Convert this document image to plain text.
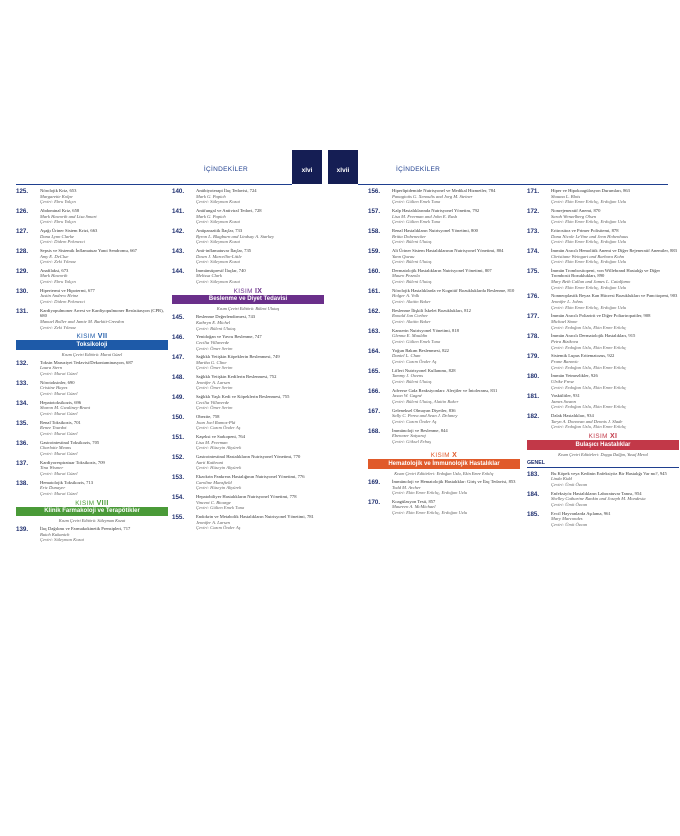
İÇİNDEKİLER	xlvi	xlvii	İÇİNDEKİLER
125.	Nörolojik Kriz, 653
Margarette Kolpe
Çeviri: Ebru Yalçın
126.	Abdominal Kriz, 658
Mark Haworth and Lisa Smart
Çeviri: Ebru Yalçın
127.	Aşağı Üriner Sistem Krizi, 663
Dana Lynn Clarke
Çeviri: Didem Pekmezci
128.	Sepsis ve Sistemik İnflamatuar Yanıt Sendromu, 667
Amy E. DeClue
Çeviri: Zeki Yılmaz
129.	Anafilaksi, 673
Mark Haworth
Çeviri: Ebru Yalçın
130.	Hipertermi ve Hipotermi, 677
Justin Andrew Heinz
Çeviri: Didem Pekmezci
131.	Kardiyopulmoner Arrest ve Kardiyopulmoner Resüsitasyon (CPR), 680
Manuel Boller and Jamie M. Burkitt-Creedon
Çeviri: Zeki Yılmaz
KISIM VII
Toksikoloji
Kısım Çeviri Editörü: Murat Güzel
132.	Toksin Maruziyet Tedavisi/Dekontaminasyon, 687
Laura Stern
Çeviri: Murat Güzel
133.	Nörotoksinler, 690
Cristine Hayes
Çeviri: Murat Güzel
134.	Hepatotoksikozis, 696
Sharon M. Gwaltney-Brant
Çeviri: Murat Güzel
135.	Renal Toksikozis, 701
Renee Tourdot
Çeviri: Murat Güzel
136.	Gastrointestinal Toksikozis, 705
Charlotte Means
Çeviri: Murat Güzel
137.	Kardiyorespiratuar Toksikozis, 709
Tina Wismer
Çeviri: Murat Güzel
138.	Hematolojik Toksikozis, 713
Eric Dunayer
Çeviri: Murat Güzel
KISIM VIII
Klinik Farmakoloji ve Terapötikler
Kısım Çeviri Editörü: Süleyman Kozat
139.	İlaç Dağılımı ve Farmakokinetik Prensipleri, 717
Butch Kukanich
Çeviri: Süleyman Kozat
140.	Antibiyoterapi İlaç Tedavisi, 724
Mark G. Papich
Çeviri: Süleyman Kozat
141.	Antifungal ve Antiviral Tedavi, 728
Mark G. Papich
Çeviri: Süleyman Kozat
142.	Antiparazitik İlaçlar, 733
Byron L. Blagburn and Lindsay A. Starkey
Çeviri: Süleyman Kozat
143.	Anti-inflamatuvar İlaçlar, 735
Dawn J. Marcellin-Little
Çeviri: Süleyman Kozat
144.	İmmünsüpresif İlaçlar, 740
Melissa Clark
Çeviri: Süleyman Kozat
KISIM IX
Beslenme ve Diyet Tedavisi
Kısım Çeviri Editörü: Bülent Ulutaş
145.	Beslenme Değerlendirmesi, 743
Kathryn E. Michel
Çeviri: Bülent Ulutaş
146.	Yenidoğan ve Yavru Beslenme, 747
Cecilia Villaverde
Çeviri: Ömer Serim
147.	Sağlıklı Yetişkin Köpeklerin Beslenmesi, 749
Martha G. Cline
Çeviri: Ömer Serim
148.	Sağlıklı Yetişkin Kedilerin Beslenmesi, 752
Jennifer A. Larsen
Çeviri: Ömer Serim
149.	Sağlıklı Yaşlı Kedi ve Köpeklerin Beslenmesi, 755
Cecilia Villaverde
Çeviri: Ömer Serim
150.	Obezite, 758
Joan Joel Ramos-Plá
Çeviri: Cazım Önder Aş
151.	Kaşeksi ve Sarkopeni, 764
Lisa M. Freeman
Çeviri: Hüseyin Akyürek
152.	Gastrointestinal Hastalıkların Nutrisyonel Yönetimi, 770
Aarti Kathrani
Çeviri: Hüseyin Akyürek
153.	Ekzokrin Pankreas Hastalığının Nutrisyonel Yönetimi, 776
Caroline Mansfield
Çeviri: Hüseyin Akyürek
154.	Hepatobiliyer Hastalıkların Nutrisyonel Yönetimi, 778
Vincent C. Biourge
Çeviri: Gülten Emek Tuna
155.	Endokrin ve Metabolik Hastalıkların Nutrisyonel Yönetimi, 781
Jennifer A. Larsen
Çeviri: Cazım Önder Aş
156.	Hiperlipidemide Nutrisyonel ve Medikal Hizmetler, 784
Panagiotis G. Xenoulis and Jorg M. Steiner
Çeviri: Gülten Emek Tuna
157.	Kalp Hastalıklarında Nutrisyonel Yönetim, 792
Lisa M. Freeman and John E. Rush
Çeviri: Gülten Emek Tuna
158.	Renal Hastalıkların Nutrisyonel Yönetimi, 800
Britta Dobenecker
Çeviri: Bülent Ulutaş
159.	Alt Üriner Sistem Hastalıklarının Nutrisyonel Yönetimi, 804
Yann Queau
Çeviri: Bülent Ulutaş
160.	Dermatolojik Hastalıkların Nutrisyonel Yönetimi, 807
Mauro Pezzola
Çeviri: Bülent Ulutaş
161.	Nörolojik Hastalıklarda ve Kognitif Bozukluklarda Beslenme, 810
Holger A. Volk
Çeviri: Alattin Baker
162.	Beslenme İlişkili İskelet Bozuklukları, 812
Ronald Jan Corbee
Çeviri: Alattin Baker
163.	Kanserin Nutrisyonel Yönetimi, 818
Glenna E. Mauldin
Çeviri: Gülten Emek Tuna
164.	Yoğun Bakım Beslenmesi, 822
Daniel L. Chan
Çeviri: Cazım Önder Aş
165.	Lifleri Nutrisyonel Kullanımı, 828
Tammy J. Owens
Çeviri: Bülent Ulutaş
166.	Adverse Gıda Reaksiyonları: Alerjiler ve İntoleransı, 831
Jason W. Gagné
Çeviri: Bülent Ulutaş, Alattin Baker
167.	Geleneksel Olmayan Diyetler, 836
Sally C. Perea and Sean J. Delaney
Çeviri: Cazım Önder Aş
168.	İmmünoloji ve Beslenme, 844
Ebenezer Satyaraj
Çeviri: Göksel Erbaş
KISIM X
Hematolojik ve İmmunolojik Hastalıklar
Kısım Çeviri Editörleri: Erdoğan Uzlu, Ekin Emre Erkılıç
169.	İmmünoloji ve Hematolojik Hastalıklar: Giriş ve İlaç Tedavisi, 853
Todd M. Archer
Çeviri: Ekin Emre Erkılıç, Erdoğan Uzlu
170.	Koagülasyon Testi, 857
Maureen A. McMichael
Çeviri: Ekin Emre Erkılıç, Erdoğan Uzlu
171.	Hiper ve Hipokoagülasyon Durumları, 863
Shauna L. Blois
Çeviri: Ekin Emre Erkılıç, Erdoğan Uzlu
172.	Nonrejeneratif Anemi, 870
Sarah Wenzelberg Olsen
Çeviri: Ekin Emre Erkılıç, Erdoğan Uzlu
173.	Eritrositoz ve Primer Polisitemi, 878
Dana Nicole LeVine and Jenn Hohenhaus
Çeviri: Ekin Emre Erkılıç, Erdoğan Uzlu
174.	İmmün Aracılı Hemolitik Anemi ve Diğer Rejeneratif Anemiler, 883
Christiane Weingart and Barbara Kohn
Çeviri: Ekin Emre Erkılıç, Erdoğan Uzlu
175.	İmmün Trombositopeni, von Willebrand Hastalığı ve Diğer Trombosit Bozuklukları, 890
Mary Beth Callan and James L. Catalfamo
Çeviri: Ekin Emre Erkılıç, Erdoğan Uzlu
176.	Nonneoplastik Beyaz Kan Hücresi Bozuklukları ve Pancitopeni, 903
Jennifer L. Johns
Çeviri: Ekin Emre Erkılıç, Erdoğan Uzlu
177.	İmmün Aracılı Poliartrit ve Diğer Poliartropatiler, 908
Michael Stone
Çeviri: Erdoğan Uzlu, Ekin Emre Erkılıç
178.	İmmün Aracılı Dermatolojik Hastalıkları, 915
Petra Bizikova
Çeviri: Erdoğan Uzlu, Ekin Emre Erkılıç
179.	Sistemik Lupus Eritematozus, 922
Frane Banovic
Çeviri: Erdoğan Uzlu, Ekin Emre Erkılıç
180.	İmmün Yetmezlikler, 926
Ulrike Frese
Çeviri: Erdoğan Uzlu, Ekin Emre Erkılıç
181.	Vaskülitler, 931
James Swann
Çeviri: Erdoğan Uzlu, Ekin Emre Erkılıç
182.	Dalak Hastalıkları, 934
Taryn A. Donovan and Dennis J. Slade
Çeviri: Erdoğan Uzlu, Ekin Emre Erkılıç
KISIM XI
Bulaşıcı Hastalıklar
Kısım Çeviri Editörleri: Duygu Dalğın, Yusuf Meral
GENEL
183.	Bu Köpek veya Kedinin Enfeksiyöz Bir Hastalığı Var mı?, 945
Linda Kidd
Çeviri: Ümit Özcan
184.	Enfeksiyöz Hastalıkların Laboratuvar Tanısı, 954
Shelley Catharine Rankin and Joseph M. Mondesia
Çeviri: Ümit Özcan
185.	Evcil Hayvanlarda Aşılama, 961
Mary Marcondes
Çeviri: Ümit Özcan
